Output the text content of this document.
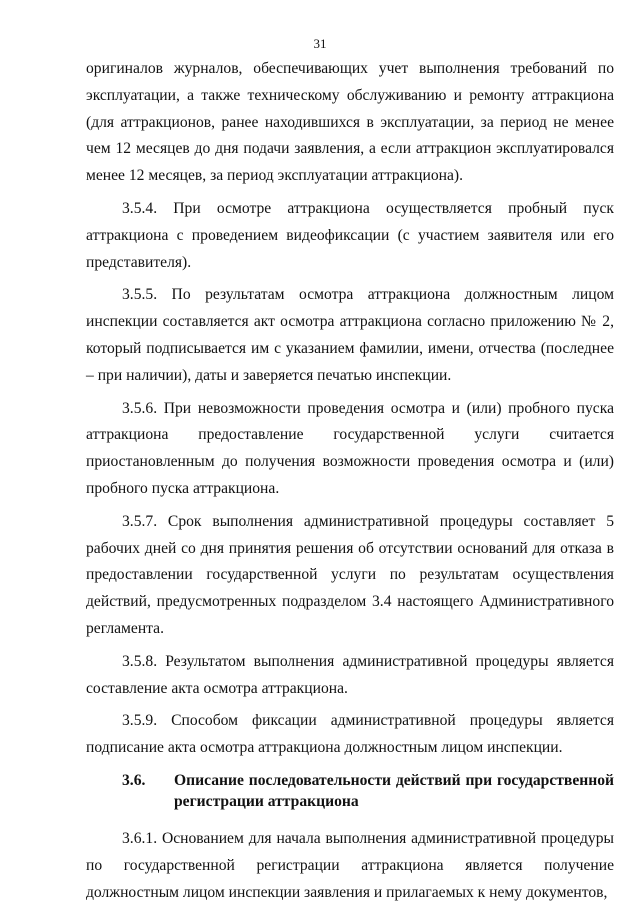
31

оригиналов журналов, обеспечивающих учет выполнения требований по эксплуатации, а также техническому обслуживанию и ремонту аттракциона (для аттракционов, ранее находившихся в эксплуатации, за период не менее чем 12 месяцев до дня подачи заявления, а если аттракцион эксплуатировался менее 12 месяцев, за период эксплуатации аттракциона).

3.5.4. При осмотре аттракциона осуществляется пробный пуск аттракциона с проведением видеофиксации (с участием заявителя или его представителя).

3.5.5. По результатам осмотра аттракциона должностным лицом инспекции составляется акт осмотра аттракциона согласно приложению № 2, который подписывается им с указанием фамилии, имени, отчества (последнее – при наличии), даты и заверяется печатью инспекции.

3.5.6. При невозможности проведения осмотра и (или) пробного пуска аттракциона предоставление государственной услуги считается приостановленным до получения возможности проведения осмотра и (или) пробного пуска аттракциона.

3.5.7. Срок выполнения административной процедуры составляет 5 рабочих дней со дня принятия решения об отсутствии оснований для отказа в предоставлении государственной услуги по результатам осуществления действий, предусмотренных подразделом 3.4 настоящего Административного регламента.

3.5.8. Результатом выполнения административной процедуры является составление акта осмотра аттракциона.

3.5.9. Способом фиксации административной процедуры является подписание акта осмотра аттракциона должностным лицом инспекции.

3.6.	Описание последовательности действий при государственной регистрации аттракциона

3.6.1. Основанием для начала выполнения административной процедуры по государственной регистрации аттракциона является получение должностным лицом инспекции заявления и прилагаемых к нему документов,
